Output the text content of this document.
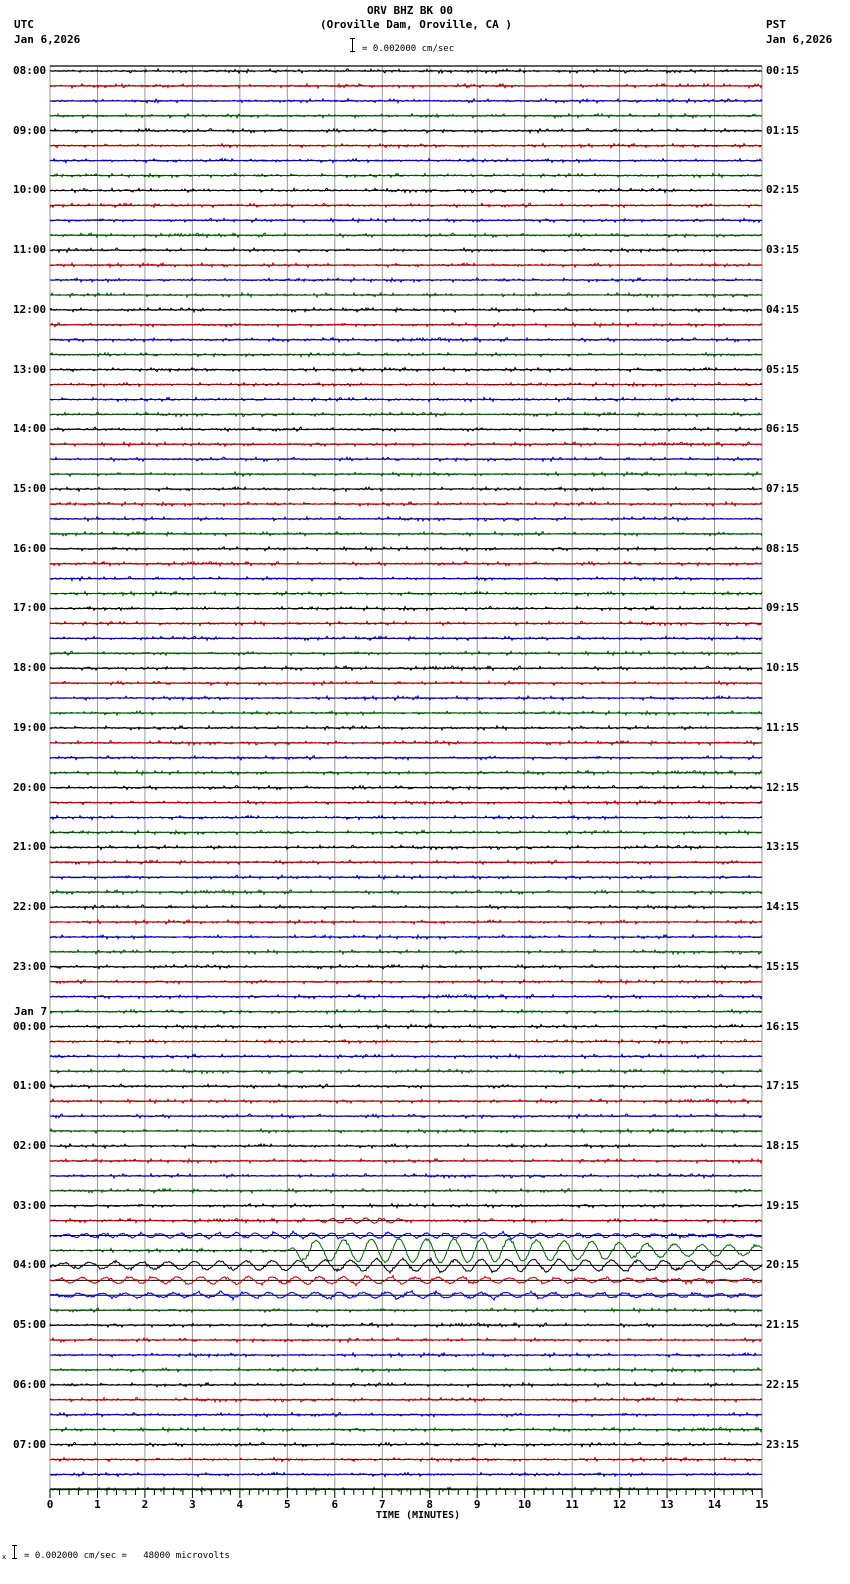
ORV BHZ BK 00
(Oroville Dam, Oroville, CA )
UTC
Jan 6,2026
PST
Jan 6,2026
= 0.002000 cm/sec
08:00
09:00
10:00
11:00
12:00
13:00
14:00
15:00
16:00
17:00
18:00
19:00
20:00
21:00
22:00
23:00
Jan 7
00:00
01:00
02:00
03:00
04:00
05:00
06:00
07:00
00:15
01:15
02:15
03:15
04:15
05:15
06:15
07:15
08:15
09:15
10:15
11:15
12:15
13:15
14:15
15:15
16:15
17:15
18:15
19:15
20:15
21:15
22:15
23:15
0	1	2	3	4	5	6	7	8	9	10	11	12	13	14	15
TIME (MINUTES)
x = 0.002000 cm/sec =   48000 microvolts
